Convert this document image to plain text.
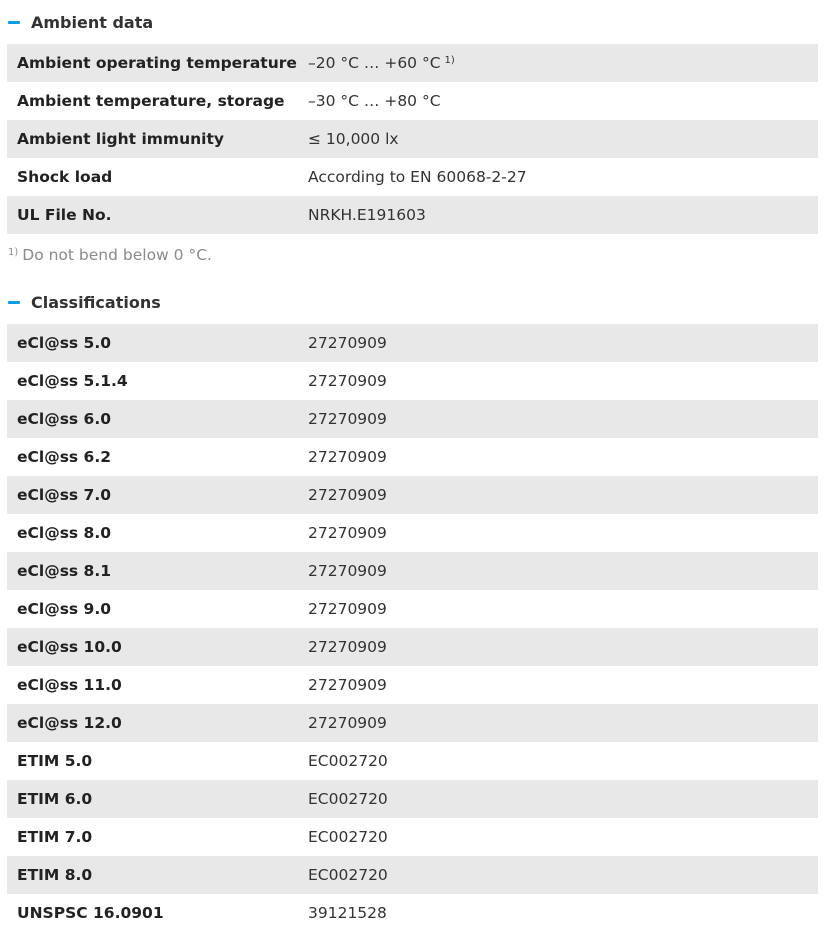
Ambient data
Ambient operating temperature	–20 °C … +60 °C $^{1)}$
Ambient temperature, storage	–30 °C … +80 °C
Ambient light immunity	≤ 10,000 lx
Shock load	According to EN 60068-2-27
UL File No.	NRKH.E191603
$^{1)}$ Do not bend below 0 °C.
Classifications
eCl@ss 5.0	27270909
eCl@ss 5.1.4	27270909
eCl@ss 6.0	27270909
eCl@ss 6.2	27270909
eCl@ss 7.0	27270909
eCl@ss 8.0	27270909
eCl@ss 8.1	27270909
eCl@ss 9.0	27270909
eCl@ss 10.0	27270909
eCl@ss 11.0	27270909
eCl@ss 12.0	27270909
ETIM 5.0	EC002720
ETIM 6.0	EC002720
ETIM 7.0	EC002720
ETIM 8.0	EC002720
UNSPSC 16.0901	39121528
